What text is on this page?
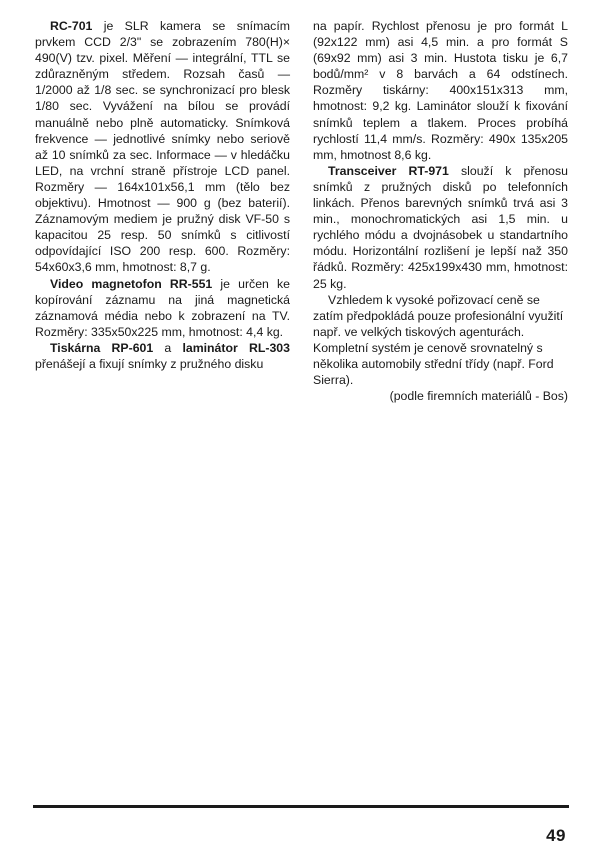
RC-701 je SLR kamera se snímacím prvkem CCD 2/3" se zobrazením 780(H)× 490(V) tzv. pixel. Měření — integrální, TTL se zdůrazněným středem. Rozsah časů — 1/2000 až 1/8 sec. se synchronizací pro blesk 1/80 sec. Vyvážení na bílou se provádí manuálně nebo plně automaticky. Snímková frekvence — jednotlivé snímky nebo seriově až 10 snímků za sec. Informace — v hledáčku LED, na vrchní straně přístroje LCD panel. Rozměry — 164x101x56,1 mm (tělo bez objektivu). Hmotnost — 900 g (bez baterií). Záznamovým mediem je pružný disk VF-50 s kapacitou 25 resp. 50 snímků s citlivostí odpovídající ISO 200 resp. 600. Rozměry: 54x60x3,6 mm, hmotnost: 8,7 g.

Video magnetofon RR-551 je určen ke kopírování záznamu na jiná magnetická záznamová média nebo k zobrazení na TV. Rozměry: 335x50x225 mm, hmotnost: 4,4 kg.

Tiskárna RP-601 a laminátor RL-303 přenášejí a fixují snímky z pružného disku

na papír. Rychlost přenosu je pro formát L (92x122 mm) asi 4,5 min. a pro formát S (69x92 mm) asi 3 min. Hustota tisku je 6,7 bodů/mm² v 8 barvách a 64 odstínech. Rozměry tiskárny: 400x151x313 mm, hmotnost: 9,2 kg. Laminátor slouží k fixování snímků teplem a tlakem. Proces probíhá rychlostí 11,4 mm/s. Rozměry: 490x 135x205 mm, hmotnost 8,6 kg.

Transceiver RT-971 slouží k přenosu snímků z pružných disků po telefonních linkách. Přenos barevných snímků trvá asi 3 min., monochromatických asi 1,5 min. u rychlého módu a dvojnásobek u standartního módu. Horizontální rozlišení je lepší naž 350 řádků. Rozměry: 425x199x430 mm, hmotnost: 25 kg.

Vzhledem k vysoké pořizovací ceně se zatím předpokládá pouze profesionální využití např. ve velkých tiskových agenturách. Kompletní systém je cenově srovnatelný s několika automobily střední třídy (např. Ford Sierra).

(podle firemních materiálů - Bos)

49
